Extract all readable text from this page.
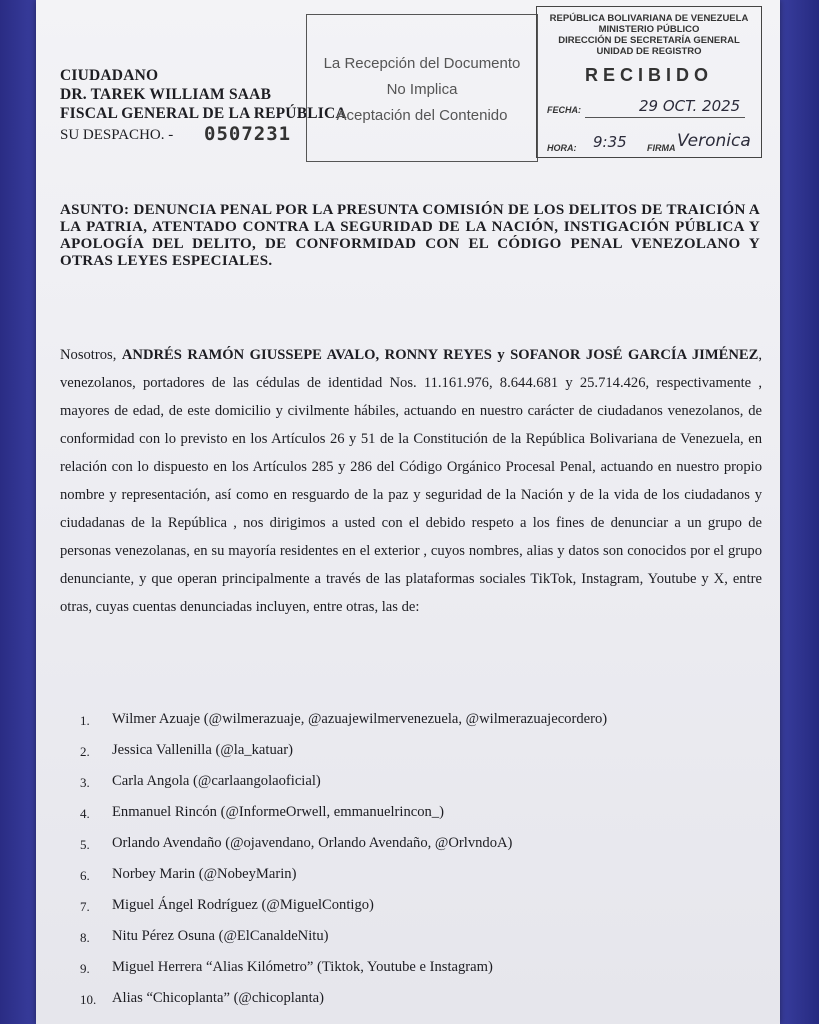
CIUDADANO
DR. TAREK WILLIAM SAAB
FISCAL GENERAL DE LA REPÚBLICA
SU DESPACHO. - 0507231
La Recepción del Documento
No Implica
Aceptación del Contenido
REPÚBLICA BOLIVARIANA DE VENEZUELA
MINISTERIO PÚBLICO
DIRECCIÓN DE SECRETARÍA GENERAL
UNIDAD DE REGISTRO
RECIBIDO
FECHA:	29 OCT. 2025
HORA: 9:35 FIRMA Veronica
ASUNTO: DENUNCIA PENAL POR LA PRESUNTA COMISIÓN DE LOS DELITOS DE TRAICIÓN A LA PATRIA, ATENTADO CONTRA LA SEGURIDAD DE LA NACIÓN, INSTIGACIÓN PÚBLICA Y APOLOGÍA DEL DELITO, DE CONFORMIDAD CON EL CÓDIGO PENAL VENEZOLANO Y OTRAS LEYES ESPECIALES.
Nosotros, ANDRÉS RAMÓN GIUSSEPE AVALO, RONNY REYES y SOFANOR JOSÉ GARCÍA JIMÉNEZ, venezolanos, portadores de las cédulas de identidad Nos. 11.161.976, 8.644.681 y 25.714.426, respectivamente , mayores de edad, de este domicilio y civilmente hábiles, actuando en nuestro carácter de ciudadanos venezolanos, de conformidad con lo previsto en los Artículos 26 y 51 de la Constitución de la República Bolivariana de Venezuela, en relación con lo dispuesto en los Artículos 285 y 286 del Código Orgánico Procesal Penal, actuando en nuestro propio nombre y representación, así como en resguardo de la paz y seguridad de la Nación y de la vida de los ciudadanos y ciudadanas de la República , nos dirigimos a usted con el debido respeto a los fines de denunciar a un grupo de personas venezolanas, en su mayoría residentes en el exterior , cuyos nombres, alias y datos son conocidos por el grupo denunciante, y que operan principalmente a través de las plataformas sociales TikTok, Instagram, Youtube y X, entre otras, cuyas cuentas denunciadas incluyen, entre otras, las de:
1. Wilmer Azuaje (@wilmerazuaje, @azuajewilmervenezuela, @wilmerazuajecordero)
2. Jessica Vallenilla (@la_katuar)
3. Carla Angola (@carlaangolaoficial)
4. Enmanuel Rincón (@InformeOrwell, emmanuelrincon_)
5. Orlando Avendaño (@ojavendano, Orlando Avendaño, @OrlvndoA)
6. Norbey Marin (@NobeyMarin)
7. Miguel Ángel Rodríguez (@MiguelContigo)
8. Nitu Pérez Osuna (@ElCanaldeNitu)
9. Miguel Herrera “Alias Kilómetro” (Tiktok, Youtube e Instagram)
10. Alias “Chicoplanta” (@chicoplanta)
